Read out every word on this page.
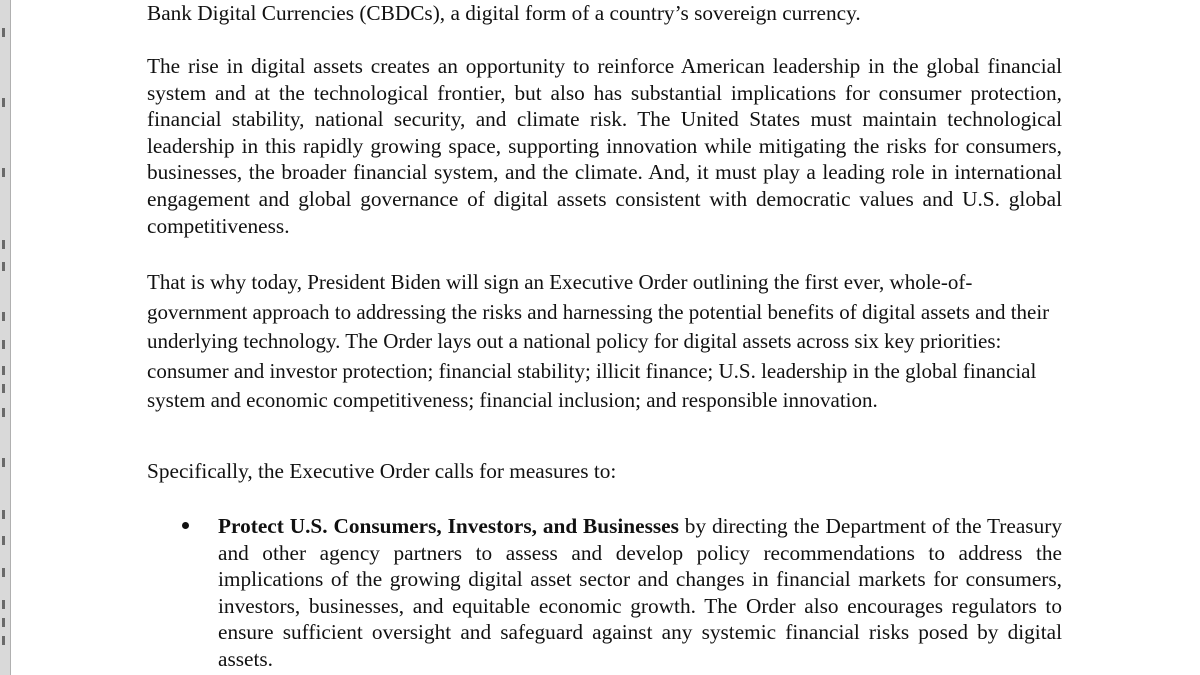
Bank Digital Currencies (CBDCs), a digital form of a country’s sovereign currency.

The rise in digital assets creates an opportunity to reinforce American leadership in the global financial system and at the technological frontier, but also has substantial implications for consumer protection, financial stability, national security, and climate risk. The United States must maintain technological leadership in this rapidly growing space, supporting innovation while mitigating the risks for consumers, businesses, the broader financial system, and the climate. And, it must play a leading role in international engagement and global governance of digital assets consistent with democratic values and U.S. global competitiveness.

That is why today, President Biden will sign an Executive Order outlining the first ever, whole-of-government approach to addressing the risks and harnessing the potential benefits of digital assets and their underlying technology. The Order lays out a national policy for digital assets across six key priorities: consumer and investor protection; financial stability; illicit finance; U.S. leadership in the global financial system and economic competitiveness; financial inclusion; and responsible innovation.

Specifically, the Executive Order calls for measures to:

Protect U.S. Consumers, Investors, and Businesses by directing the Department of the Treasury and other agency partners to assess and develop policy recommendations to address the implications of the growing digital asset sector and changes in financial markets for consumers, investors, businesses, and equitable economic growth. The Order also encourages regulators to ensure sufficient oversight and safeguard against any systemic financial risks posed by digital assets.
